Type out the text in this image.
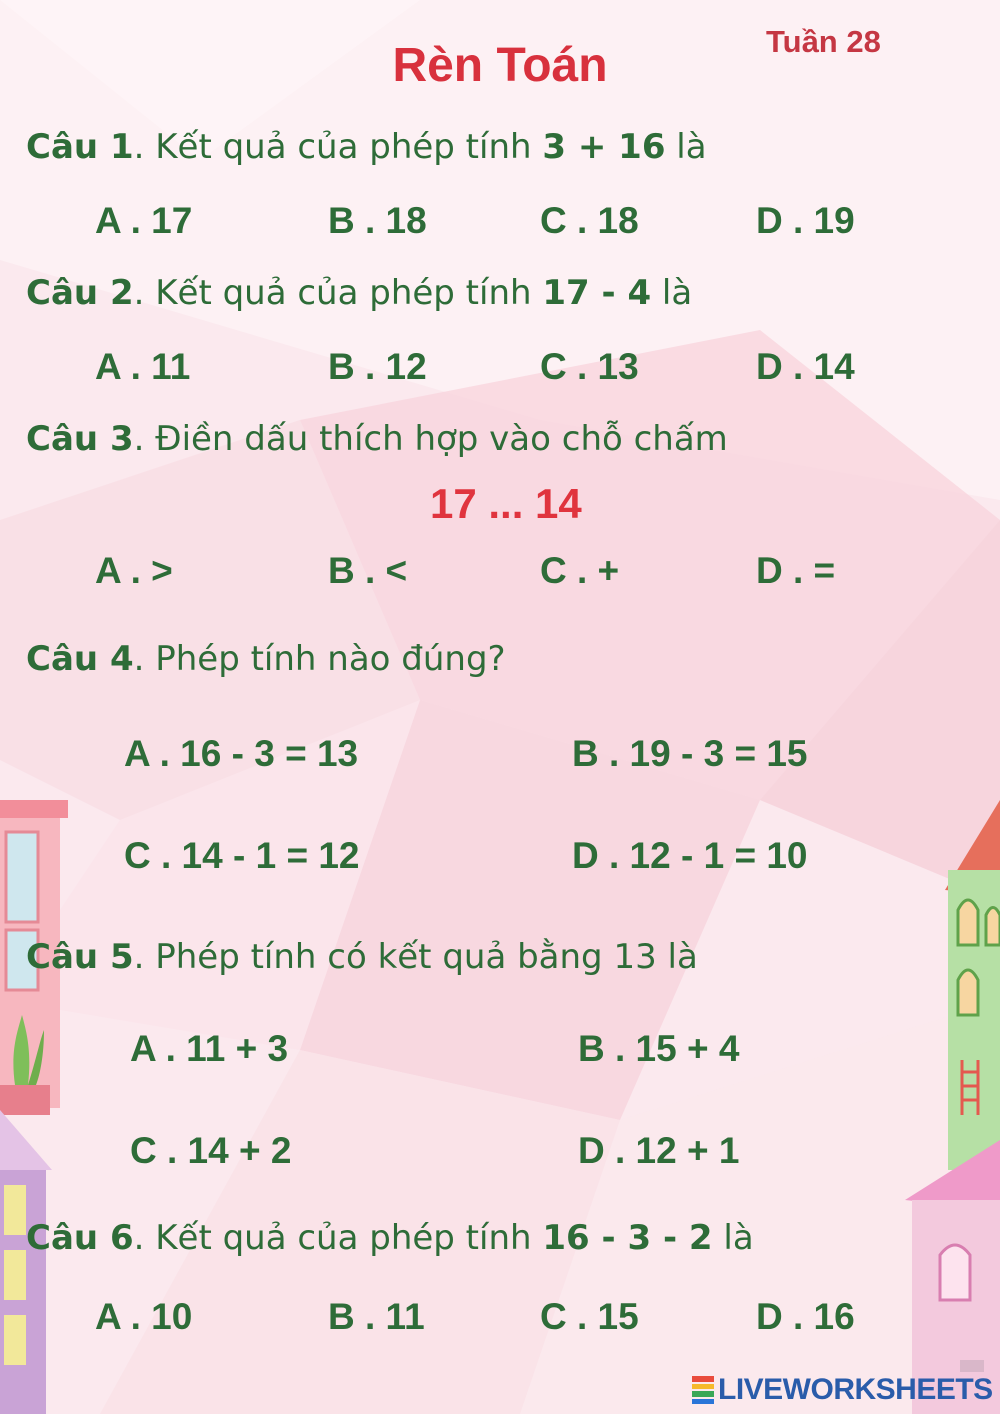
Rèn Toán	Tuần 28
Câu 1. Kết quả của phép tính 3 + 16 là
A . 17	B . 18	C . 18	D . 19
Câu 2. Kết quả của phép tính 17 - 4 là
A . 11	B . 12	C . 13	D . 14
Câu 3. Điền dấu thích hợp vào chỗ chấm
17 ... 14
A . >	B . <	C . +	D . =
Câu 4. Phép tính nào đúng?
A . 16 - 3 = 13	B . 19 - 3 = 15
C . 14 - 1 = 12	D . 12 - 1 = 10
Câu 5. Phép tính có kết quả bằng 13 là
A . 11 + 3	B . 15 + 4
C . 14 + 2	D . 12 + 1
Câu 6. Kết quả của phép tính 16 - 3 - 2 là
A . 10	B . 11	C . 15	D . 16
LIVEWORKSHEETS
